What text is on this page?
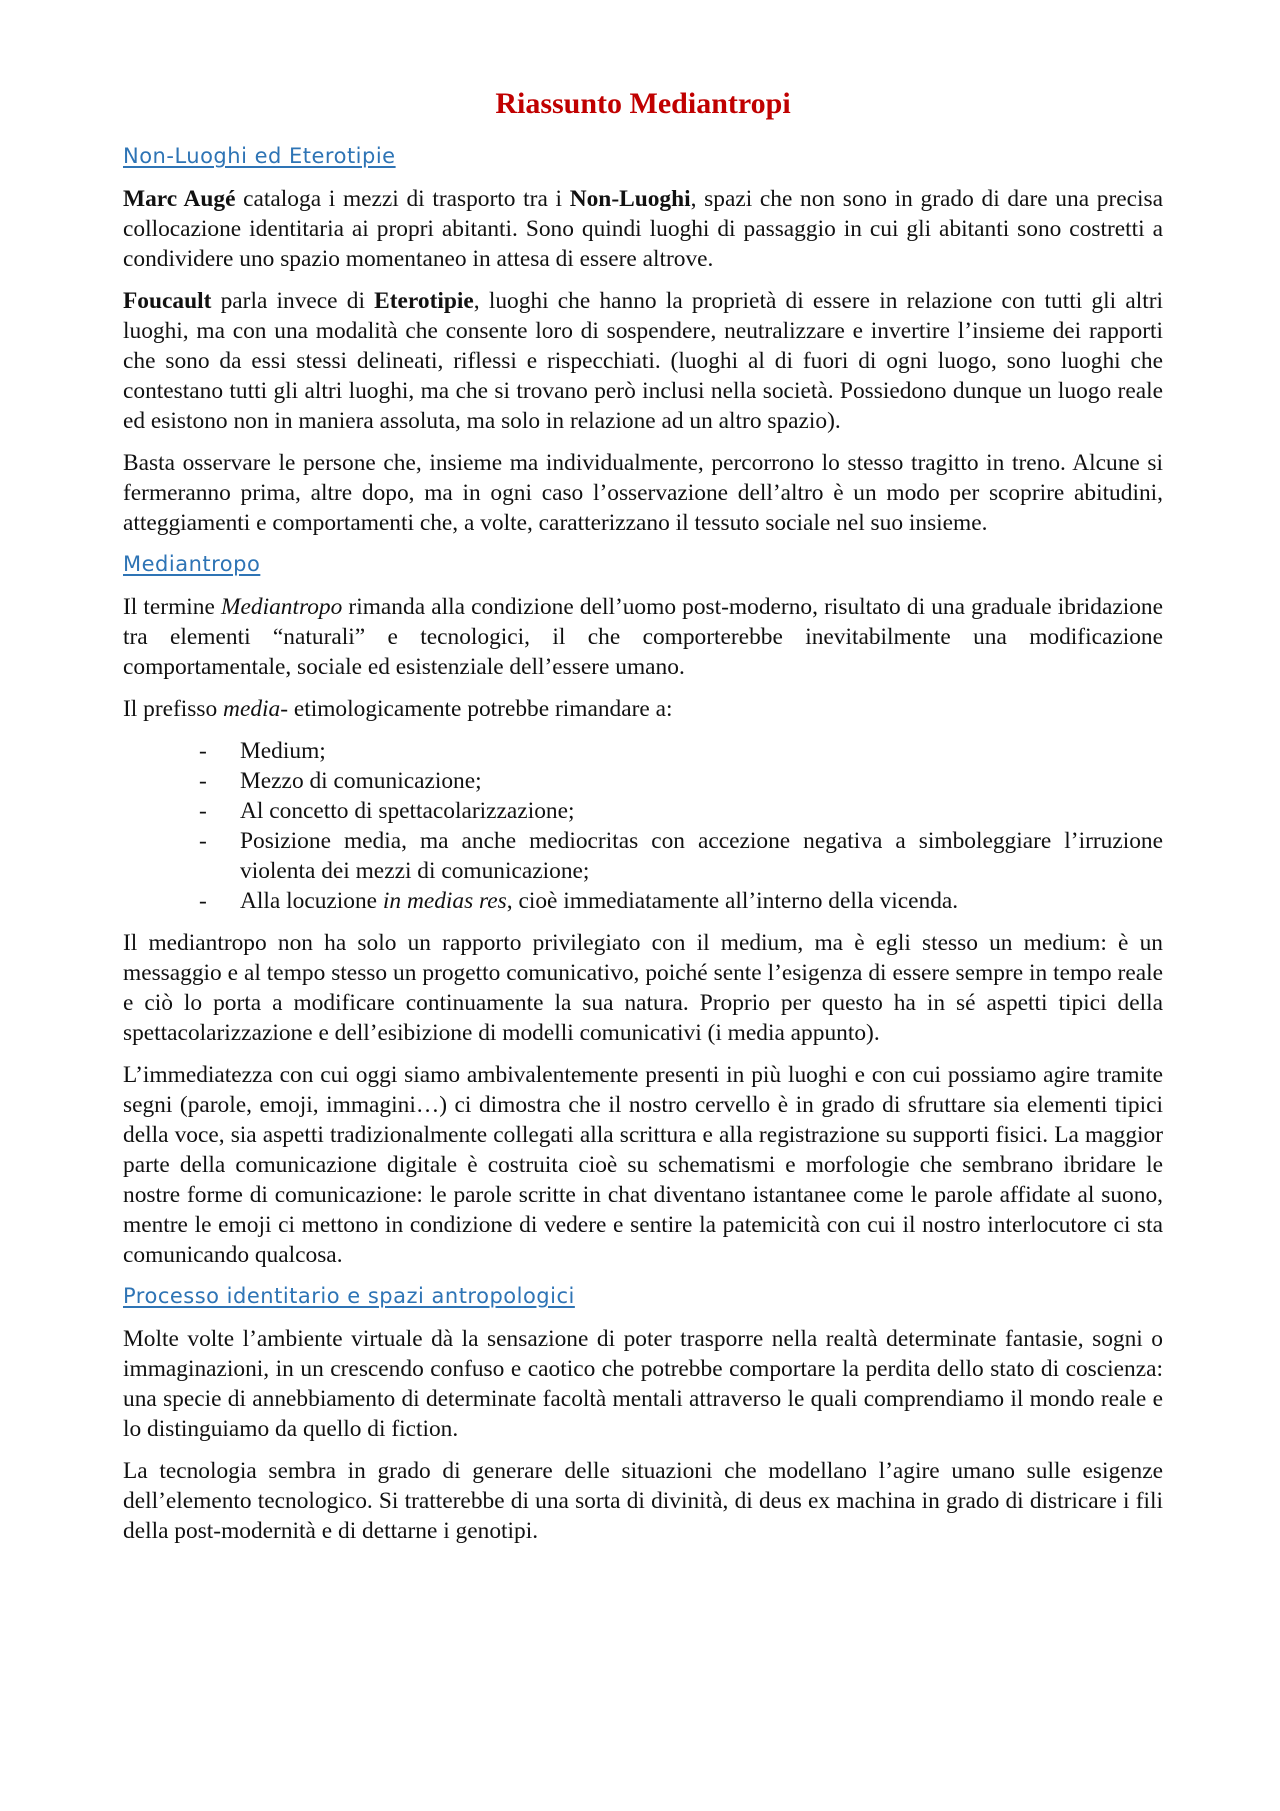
Riassunto Mediantropi
Non-Luoghi ed Eterotipie

Marc Augé cataloga i mezzi di trasporto tra i Non-Luoghi, spazi che non sono in grado di dare una precisa collocazione identitaria ai propri abitanti. Sono quindi luoghi di passaggio in cui gli abitanti sono costretti a condividere uno spazio momentaneo in attesa di essere altrove.

Foucault parla invece di Eterotipie, luoghi che hanno la proprietà di essere in relazione con tutti gli altri luoghi, ma con una modalità che consente loro di sospendere, neutralizzare e invertire l’insieme dei rapporti che sono da essi stessi delineati, riflessi e rispecchiati. (luoghi al di fuori di ogni luogo, sono luoghi che contestano tutti gli altri luoghi, ma che si trovano però inclusi nella società. Possiedono dunque un luogo reale ed esistono non in maniera assoluta, ma solo in relazione ad un altro spazio).

Basta osservare le persone che, insieme ma individualmente, percorrono lo stesso tragitto in treno. Alcune si fermeranno prima, altre dopo, ma in ogni caso l’osservazione dell’altro è un modo per scoprire abitudini, atteggiamenti e comportamenti che, a volte, caratterizzano il tessuto sociale nel suo insieme.

Mediantropo

Il termine Mediantropo rimanda alla condizione dell’uomo post-moderno, risultato di una graduale ibridazione tra elementi “naturali” e tecnologici, il che comporterebbe inevitabilmente una modificazione comportamentale, sociale ed esistenziale dell’essere umano.

Il prefisso media- etimologicamente potrebbe rimandare a:

-	Medium;
-	Mezzo di comunicazione;
-	Al concetto di spettacolarizzazione;
-	Posizione media, ma anche mediocritas con accezione negativa a simboleggiare l’irruzione violenta dei mezzi di comunicazione;
-	Alla locuzione in medias res, cioè immediatamente all’interno della vicenda.

Il mediantropo non ha solo un rapporto privilegiato con il medium, ma è egli stesso un medium: è un messaggio e al tempo stesso un progetto comunicativo, poiché sente l’esigenza di essere sempre in tempo reale e ciò lo porta a modificare continuamente la sua natura. Proprio per questo ha in sé aspetti tipici della spettacolarizzazione e dell’esibizione di modelli comunicativi (i media appunto).

L’immediatezza con cui oggi siamo ambivalentemente presenti in più luoghi e con cui possiamo agire tramite segni (parole, emoji, immagini…) ci dimostra che il nostro cervello è in grado di sfruttare sia elementi tipici della voce, sia aspetti tradizionalmente collegati alla scrittura e alla registrazione su supporti fisici. La maggior parte della comunicazione digitale è costruita cioè su schematismi e morfologie che sembrano ibridare le nostre forme di comunicazione: le parole scritte in chat diventano istantanee come le parole affidate al suono, mentre le emoji ci mettono in condizione di vedere e sentire la patemicità con cui il nostro interlocutore ci sta comunicando qualcosa.

Processo identitario e spazi antropologici

Molte volte l’ambiente virtuale dà la sensazione di poter trasporre nella realtà determinate fantasie, sogni o immaginazioni, in un crescendo confuso e caotico che potrebbe comportare la perdita dello stato di coscienza: una specie di annebbiamento di determinate facoltà mentali attraverso le quali comprendiamo il mondo reale e lo distinguiamo da quello di fiction.

La tecnologia sembra in grado di generare delle situazioni che modellano l’agire umano sulle esigenze dell’elemento tecnologico. Si tratterebbe di una sorta di divinità, di deus ex machina in grado di districare i fili della post-modernità e di dettarne i genotipi.
